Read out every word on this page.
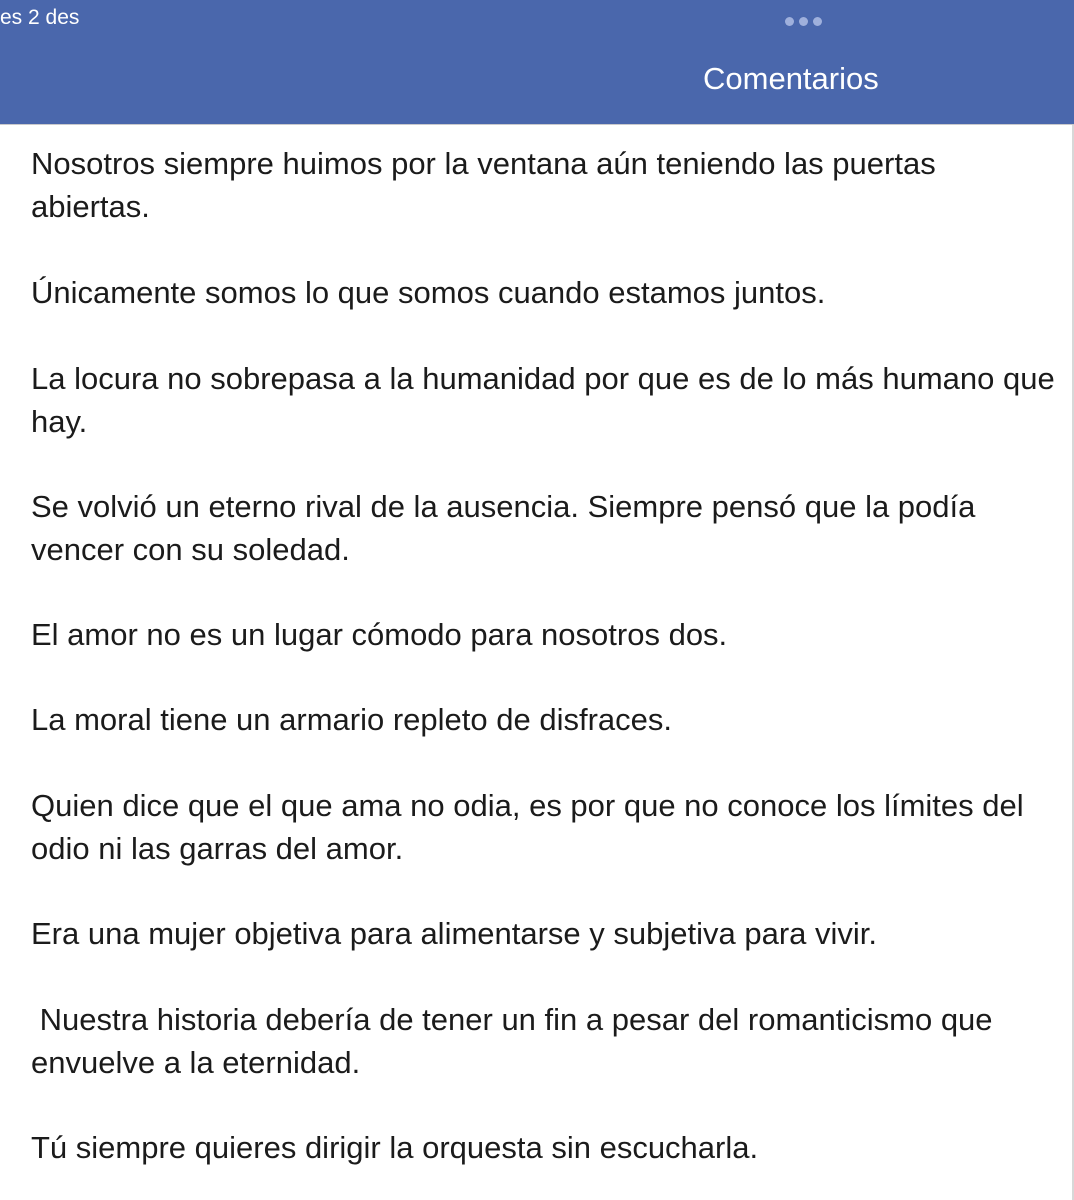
es 2 des
Comentarios

Nosotros siempre huimos por la ventana aún teniendo las puertas abiertas.

Únicamente somos lo que somos cuando estamos juntos.

La locura no sobrepasa a la humanidad por que es de lo más humano que hay.

Se volvió un eterno rival de la ausencia. Siempre pensó que la podía vencer con su soledad.

El amor no es un lugar cómodo para nosotros dos.

La moral tiene un armario repleto de disfraces.

Quien dice que el que ama no odia, es por que no conoce los límites del odio ni las garras del amor.

Era una mujer objetiva para alimentarse y subjetiva para vivir.

Nuestra historia debería de tener un fin a pesar del romanticismo que envuelve a la eternidad.

Tú siempre quieres dirigir la orquesta sin escucharla.
